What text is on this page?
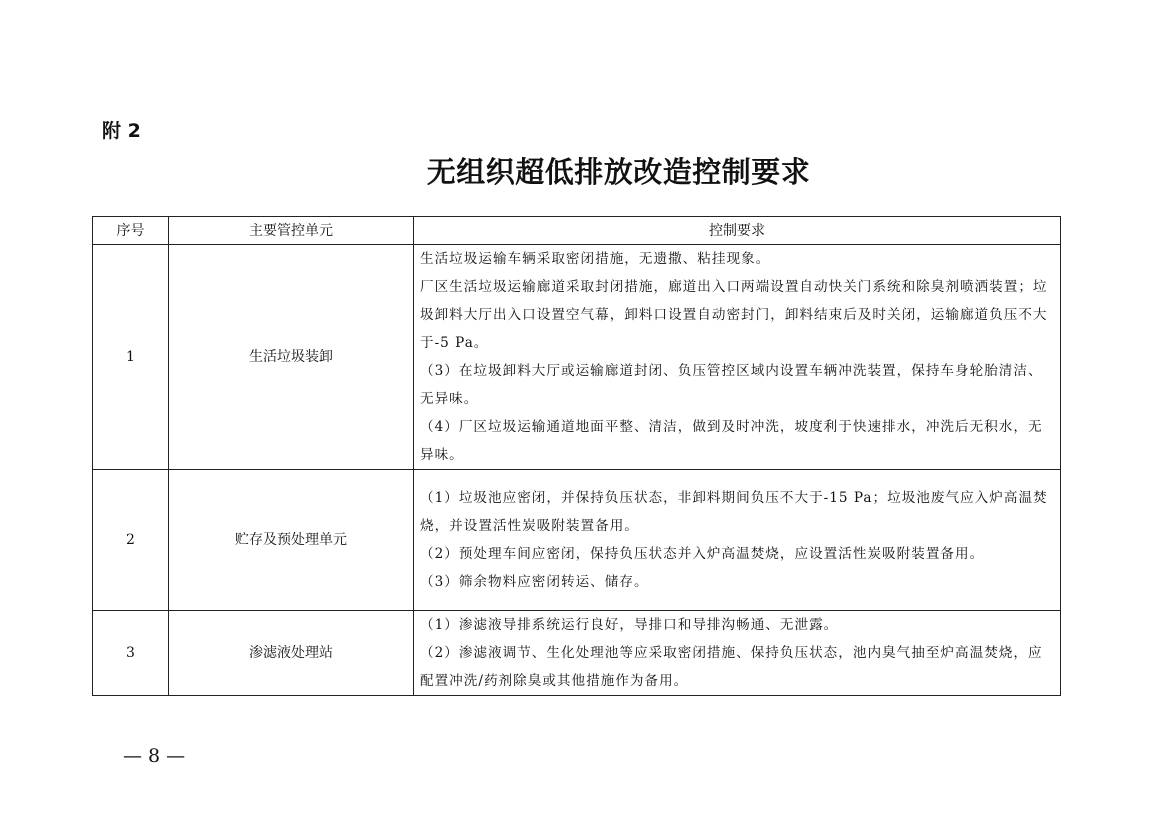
附 2
无组织超低排放改造控制要求
序号	主要管控单元	控制要求
1	生活垃圾装卸	生活垃圾运输车辆采取密闭措施，无遗撒、粘挂现象。
厂区生活垃圾运输廊道采取封闭措施，廊道出入口两端设置自动快关门系统和除臭剂喷洒装置；垃圾卸料大厅出入口设置空气幕，卸料口设置自动密封门，卸料结束后及时关闭，运输廊道负压不大于-5 Pa。
（3）在垃圾卸料大厅或运输廊道封闭、负压管控区域内设置车辆冲洗装置，保持车身轮胎清洁、无异味。
（4）厂区垃圾运输通道地面平整、清洁，做到及时冲洗，坡度利于快速排水，冲洗后无积水，无异味。

2	贮存及预处理单元	（1）垃圾池应密闭，并保持负压状态，非卸料期间负压不大于-15 Pa；垃圾池废气应入炉高温焚烧，并设置活性炭吸附装置备用。
（2）预处理车间应密闭，保持负压状态并入炉高温焚烧，应设置活性炭吸附装置备用。
（3）筛余物料应密闭转运、储存。

3	渗滤液处理站	（1）渗滤液导排系统运行良好，导排口和导排沟畅通、无泄露。
（2）渗滤液调节、生化处理池等应采取密闭措施、保持负压状态，池内臭气抽至炉高温焚烧，应配置冲洗/药剂除臭或其他措施作为备用。
— 8 —
